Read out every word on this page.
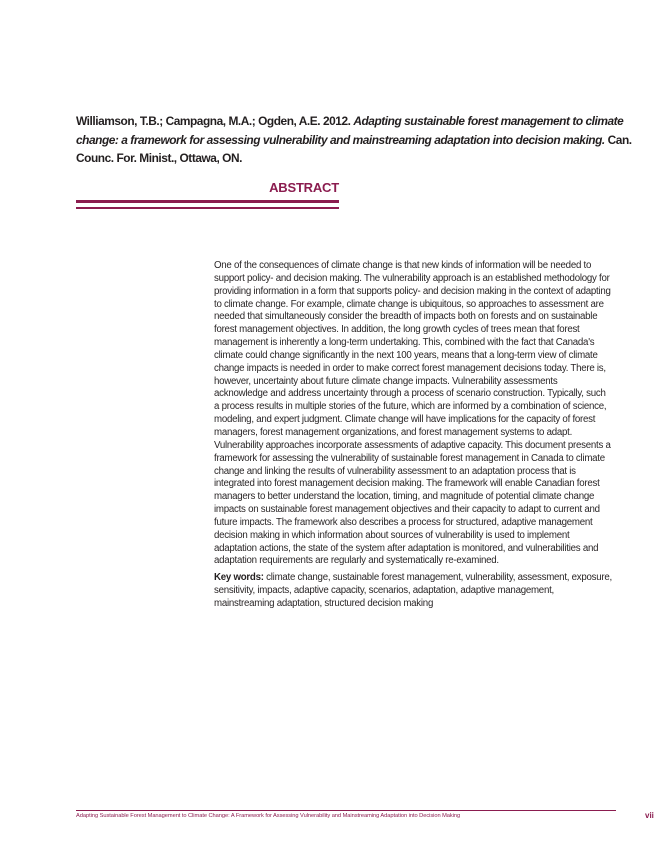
Williamson, T.B.; Campagna, M.A.; Ogden, A.E. 2012. Adapting sustainable forest management to climate change: a framework for assessing vulnerability and mainstreaming adaptation into decision making. Can. Counc. For. Minist., Ottawa, ON.
ABSTRACT

One of the consequences of climate change is that new kinds of information will be needed to support policy- and decision making. The vulnerability approach is an established methodology for providing information in a form that supports policy- and decision making in the context of adapting to climate change. For example, climate change is ubiquitous, so approaches to assessment are needed that simultaneously consider the breadth of impacts both on forests and on sustainable forest management objectives. In addition, the long growth cycles of trees mean that forest management is inherently a long-term undertaking. This, combined with the fact that Canada's climate could change significantly in the next 100 years, means that a long-term view of climate change impacts is needed in order to make correct forest management decisions today. There is, however, uncertainty about future climate change impacts. Vulnerability assessments acknowledge and address uncertainty through a process of scenario construction. Typically, such a process results in multiple stories of the future, which are informed by a combination of science, modeling, and expert judgment. Climate change will have implications for the capacity of forest managers, forest management organizations, and forest management systems to adapt. Vulnerability approaches incorporate assessments of adaptive capacity. This document presents a framework for assessing the vulnerability of sustainable forest management in Canada to climate change and linking the results of vulnerability assessment to an adaptation process that is integrated into forest management decision making. The framework will enable Canadian forest managers to better understand the location, timing, and magnitude of potential climate change impacts on sustainable forest management objectives and their capacity to adapt to current and future impacts. The framework also describes a process for structured, adaptive management decision making in which information about sources of vulnerability is used to implement adaptation actions, the state of the system after adaptation is monitored, and vulnerabilities and adaptation requirements are regularly and systematically re-examined.

Key words: climate change, sustainable forest management, vulnerability, assessment, exposure, sensitivity, impacts, adaptive capacity, scenarios, adaptation, adaptive management, mainstreaming adaptation, structured decision making

Adapting Sustainable Forest Management to Climate Change: A Framework for Assessing Vulnerability and Mainstreaming Adaptation into Decision Making	vii
